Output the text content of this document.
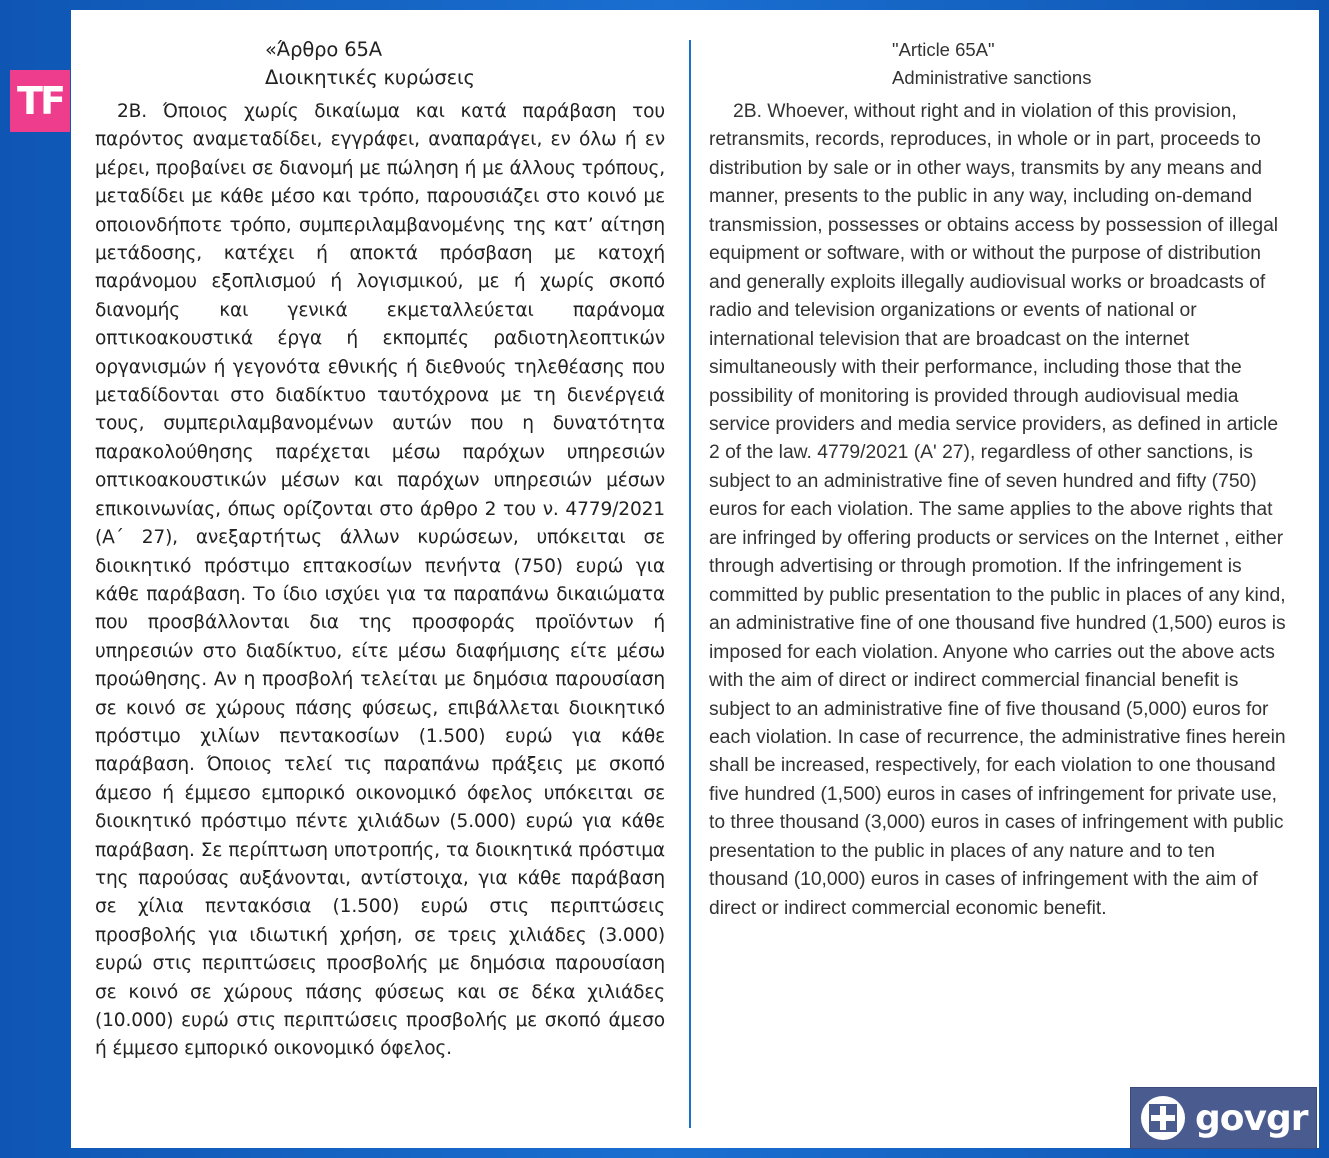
TF
«Άρθρο 65Α
Διοικητικές κυρώσεις
2Β. Όποιος χωρίς δικαίωμα και κατά παράβαση του παρόντος αναμεταδίδει, εγγράφει, αναπαράγει, εν όλω ή εν μέρει, προβαίνει σε διανομή με πώληση ή με άλλους τρόπους, μεταδίδει με κάθε μέσο και τρόπο, παρουσιάζει στο κοινό με οποιονδήποτε τρόπο, συμπεριλαμβανομένης της κατ’ αίτηση μετάδοσης, κατέχει ή αποκτά πρόσβαση με κατοχή παράνομου εξοπλισμού ή λογισμικού, με ή χωρίς σκοπό διανομής και γενικά εκμεταλλεύεται παράνομα οπτικοακουστικά έργα ή εκπομπές ραδιοτηλεοπτικών οργανισμών ή γεγονότα εθνικής ή διεθνούς τηλεθέασης που μεταδίδονται στο διαδίκτυο ταυτόχρονα με τη διενέργειά τους, συμπεριλαμβανομένων αυτών που η δυνατότητα παρακολούθησης παρέχεται μέσω παρόχων υπηρεσιών οπτικοακουστικών μέσων και παρόχων υπηρεσιών μέσων επικοινωνίας, όπως ορίζονται στο άρθρο 2 του ν. 4779/2021 (Α΄ 27), ανεξαρτήτως άλλων κυρώσεων, υπόκειται σε διοικητικό πρόστιμο επτακοσίων πενήντα (750) ευρώ για κάθε παράβαση. Το ίδιο ισχύει για τα παραπάνω δικαιώματα που προσβάλλονται δια της προσφοράς προϊόντων ή υπηρεσιών στο διαδίκτυο, είτε μέσω διαφήμισης είτε μέσω προώθησης. Αν η προσβολή τελείται με δημόσια παρουσίαση σε κοινό σε χώρους πάσης φύσεως, επιβάλλεται διοικητικό πρόστιμο χιλίων πεντακοσίων (1.500) ευρώ για κάθε παράβαση. Όποιος τελεί τις παραπάνω πράξεις με σκοπό άμεσο ή έμμεσο εμπορικό οικονομικό όφελος υπόκειται σε διοικητικό πρόστιμο πέντε χιλιάδων (5.000) ευρώ για κάθε παράβαση. Σε περίπτωση υποτροπής, τα διοικητικά πρόστιμα της παρούσας αυξάνονται, αντίστοιχα, για κάθε παράβαση σε χίλια πεντακόσια (1.500) ευρώ στις περιπτώσεις προσβολής για ιδιωτική χρήση, σε τρεις χιλιάδες (3.000) ευρώ στις περιπτώσεις προσβολής με δημόσια παρουσίαση σε κοινό σε χώρους πάσης φύσεως και σε δέκα χιλιάδες (10.000) ευρώ στις περιπτώσεις προσβολής με σκοπό άμεσο ή έμμεσο εμπορικό οικονομικό όφελος.
"Article 65A"
Administrative sanctions
2B. Whoever, without right and in violation of this provision, retransmits, records, reproduces, in whole or in part, proceeds to distribution by sale or in other ways, transmits by any means and manner, presents to the public in any way, including on-demand transmission, possesses or obtains access by possession of illegal equipment or software, with or without the purpose of distribution and generally exploits illegally audiovisual works or broadcasts of radio and television organizations or events of national or international television that are broadcast on the internet simultaneously with their performance, including those that the possibility of monitoring is provided through audiovisual media service providers and media service providers, as defined in article 2 of the law. 4779/2021 (A' 27), regardless of other sanctions, is subject to an administrative fine of seven hundred and fifty (750) euros for each violation. The same applies to the above rights that are infringed by offering products or services on the Internet , either through advertising or through promotion. If the infringement is committed by public presentation to the public in places of any kind, an administrative fine of one thousand five hundred (1,500) euros is imposed for each violation. Anyone who carries out the above acts with the aim of direct or indirect commercial financial benefit is subject to an administrative fine of five thousand (5,000) euros for each violation. In case of recurrence, the administrative fines herein shall be increased, respectively, for each violation to one thousand five hundred (1,500) euros in cases of infringement for private use, to three thousand (3,000) euros in cases of infringement with public presentation to the public in places of any nature and to ten thousand (10,000) euros in cases of infringement with the aim of direct or indirect commercial economic benefit.
govgr
